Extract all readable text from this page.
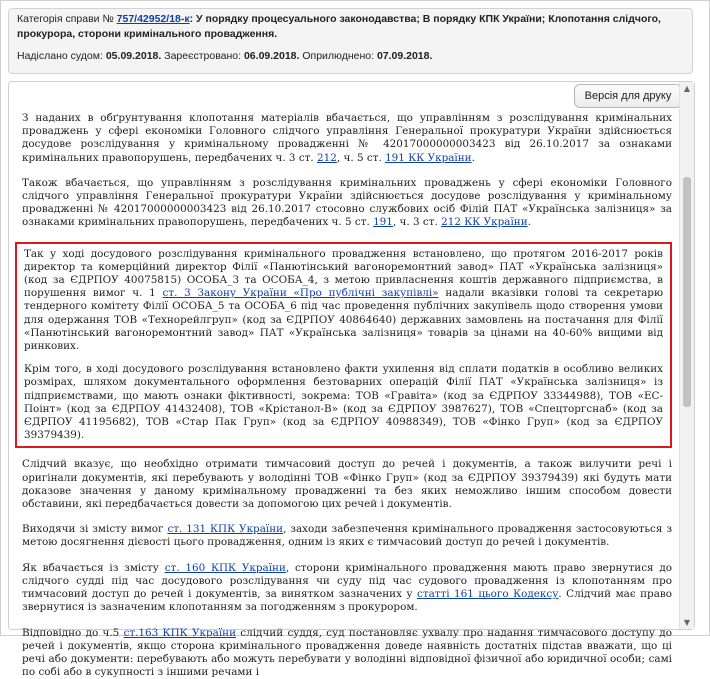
Категорія справи № 757/42952/18-к: У порядку процесуального законодавства; В порядку КПК України; Клопотання слідчого, прокурора, сторони кримінального провадження.
Надіслано судом: 05.09.2018. Зареєстровано: 06.09.2018. Оприлюднено: 07.09.2018.
Версія для друку

З наданих в обґрунтування клопотання матеріалів вбачається, що управлінням з розслідування кримінальних проваджень у сфері економіки Головного слідчого управління Генеральної прокуратури України здійснюється досудове розслідування у кримінальному провадженні № 42017000000003423 від 26.10.2017 за ознаками кримінальних правопорушень, передбачених ч. 3 ст. 212, ч. 5 ст. 191 КК України.

Також вбачається, що управлінням з розслідування кримінальних проваджень у сфері економіки Головного слідчого управління Генеральної прокуратури України здійснюється досудове розслідування у кримінальному провадженні № 42017000000003423 від 26.10.2017 стосовно службових осіб Філій ПАТ «Українська залізниця» за ознаками кримінальних правопорушень, передбачених ч. 5 ст. 191, ч. 3 ст. 212 КК України.

Так у ході досудового розслідування кримінального провадження встановлено, що протягом 2016-2017 років директор та комерційний директор Філії «Панютінський вагоноремонтний завод» ПАТ «Українська залізниця» (код за ЄДРПОУ 40075815) ОСОБА_3 та ОСОБА_4, з метою привласнення коштів державного підприємства, в порушення вимог ч. 1 ст. 3 Закону України «Про публічні закупівлі» надали вказівки голові та секретарю тендерного комітету Філії ОСОБА_5 та ОСОБА_6 під час проведення публічних закупівель щодо створення умови для одержання ТОВ «Технорейлгруп» (код за ЄДРПОУ 40864640) державних замовлень на постачання для Філії «Панютінський вагоноремонтний завод» ПАТ «Українська залізниця» товарів за цінами на 40-60% вищими від ринкових.

Крім того, в ході досудового розслідування встановлено факти ухилення від сплати податків в особливо великих розмірах, шляхом документального оформлення безтоварних операцій Філії ПАТ «Українська залізниця» із підприємствами, що мають ознаки фіктивності, зокрема: ТОВ «Гравіта» (код за ЄДРПОУ 33344988), ТОВ «ЕС-Поінт» (код за ЄДРПОУ 41432408), ТОВ «Крістанол-В» (код за ЄДРПОУ 3987627), ТОВ «Спецторгснаб» (код за ЄДРПОУ 41195682), ТОВ «Стар Пак Груп» (код за ЄДРПОУ 40988349), ТОВ «Фінко Груп» (код за ЄДРПОУ 39379439).

Слідчий вказує, що необхідно отримати тимчасовий доступ до речей і документів, а також вилучити речі і оригінали документів, які перебувають у володінні ТОВ «Фінко Груп» (код за ЄДРПОУ 39379439) які будуть мати доказове значення у даному кримінальному провадженні та без яких неможливо іншим способом довести обставини, які передбачається довести за допомогою цих речей і документів.

Виходячи зі змісту вимог ст. 131 КПК України, заходи забезпечення кримінального провадження застосовуються з метою досягнення дієвості цього провадження, одним із яких є тимчасовий доступ до речей і документів.

Як вбачається із змісту ст. 160 КПК України, сторони кримінального провадження мають право звернутися до слідчого судді під час досудового розслідування чи суду під час судового провадження із клопотанням про тимчасовий доступ до речей і документів, за винятком зазначених у статті 161 цього Кодексу. Слідчий має право звернутися із зазначеним клопотанням за погодженням з прокурором.

Відповідно до ч.5 ст.163 КПК України слідчий суддя, суд постановляє ухвалу про надання тимчасового доступу до речей і документів, якщо сторона кримінального провадження доведе наявність достатніх підстав вважати, що ці речі або документи: перебувають або можуть перебувати у володінні відповідної фізичної або юридичної особи; самі по собі або в сукупності з іншими речами і

▲
▼
